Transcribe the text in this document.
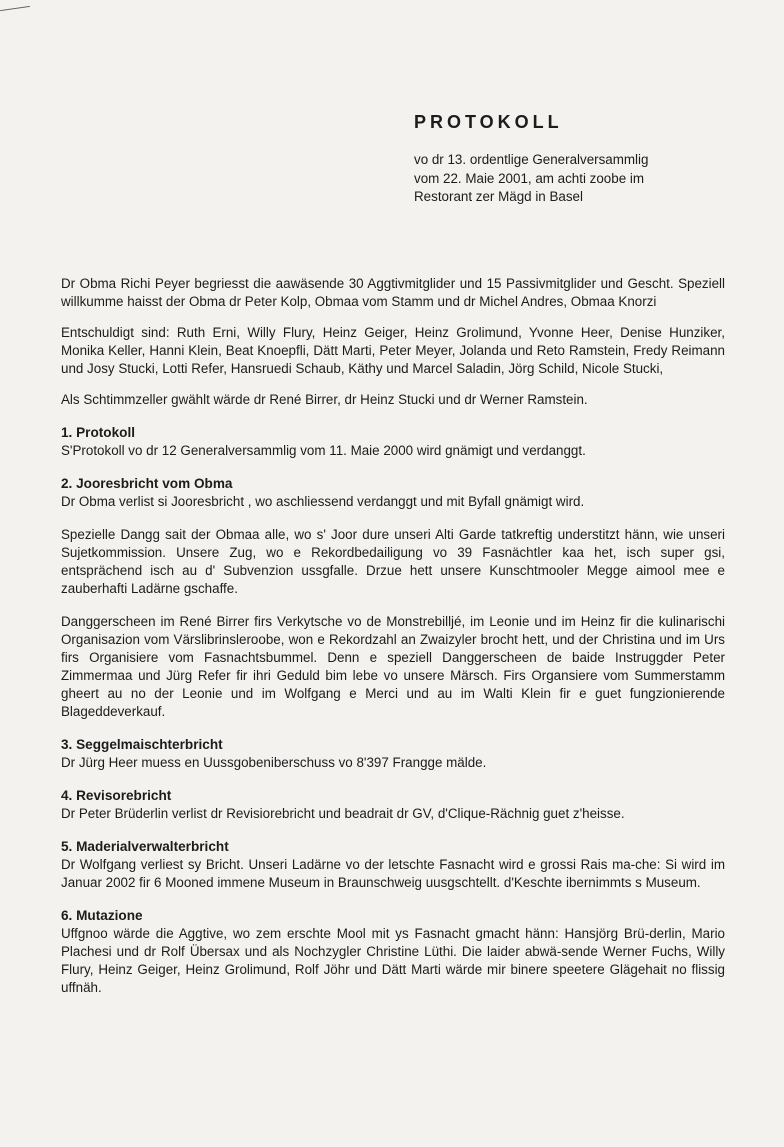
PROTOKOLL
vo dr 13. ordentlige Generalversammlig
vom 22. Maie 2001, am achti zoobe im
Restorant zer Mägd in Basel

Dr Obma Richi Peyer begriesst die aawäsende 30 Aggtivmitglider und 15 Passivmitglider und Gescht. Speziell willkumme haisst der Obma dr Peter Kolp, Obmaa vom Stamm und dr Michel Andres, Obmaa Knorzi

Entschuldigt sind: Ruth Erni, Willy Flury, Heinz Geiger, Heinz Grolimund, Yvonne Heer, Denise Hunziker, Monika Keller, Hanni Klein, Beat Knoepfli, Dätt Marti, Peter Meyer, Jolanda und Reto Ramstein, Fredy Reimann und Josy Stucki, Lotti Refer, Hansruedi Schaub, Käthy und Marcel Saladin, Jörg Schild, Nicole Stucki,

Als Schtimmzeller gwählt wärde dr René Birrer, dr Heinz Stucki und dr Werner Ramstein.

1. Protokoll

S'Protokoll vo dr 12 Generalversammlig vom 11. Maie 2000 wird gnämigt und verdanggt.

2. Jooresbricht vom Obma

Dr Obma verlist si Jooresbricht , wo aschliessend verdanggt und mit Byfall gnämigt wird.

Spezielle Dangg sait der Obmaa alle, wo s' Joor dure unseri Alti Garde tatkreftig understitzt hänn, wie unseri Sujetkommission. Unsere Zug, wo e Rekordbedailigung vo 39 Fasnächtler kaa het, isch super gsi, entsprächend isch au d' Subvenzion ussgfalle. Drzue hett unsere Kunschtmooler Megge aimool mee e zauberhafti Ladärne gschaffe.

Danggerscheen im René Birrer firs Verkytsche vo de Monstrebilljé, im Leonie und im Heinz fir die kulinarischi Organisazion vom Värslibrinsleroobe, won e Rekordzahl an Zwaizyler brocht hett, und der Christina und im Urs firs Organisiere vom Fasnachtsbummel. Denn e speziell Danggerscheen de baide Instruggder Peter Zimmermaa und Jürg Refer fir ihri Geduld bim lebe vo unsere Märsch. Firs Organsiere vom Summerstamm gheert au no der Leonie und im Wolfgang e Merci und au im Walti Klein fir e guet fungzionierende Blageddeverkauf.

3. Seggelmaischterbricht

Dr Jürg Heer muess en Uussgobeniberschuss vo 8'397 Frangge mälde.

4. Revisorebricht

Dr Peter Brüderlin verlist dr Revisiorebricht und beadrait dr GV, d'Clique-Rächnig guet z'heisse.

5. Maderialverwalterbricht

Dr Wolfgang verliest sy Bricht. Unseri Ladärne vo der letschte Fasnacht wird e grossi Rais ma-che: Si wird im Januar 2002 fir 6 Mooned immene Museum in Braunschweig uusgschtellt. d'Keschte ibernimmts s Museum.

6. Mutazione

Uffgnoo wärde die Aggtive, wo zem erschte Mool mit ys Fasnacht gmacht hänn: Hansjörg Brü-derlin, Mario Plachesi und dr Rolf Übersax und als Nochzygler Christine Lüthi. Die laider abwä-sende Werner Fuchs, Willy Flury, Heinz Geiger, Heinz Grolimund, Rolf Jöhr und Dätt Marti wärde mir binere speetere Glägehait no flissig uffnäh.
